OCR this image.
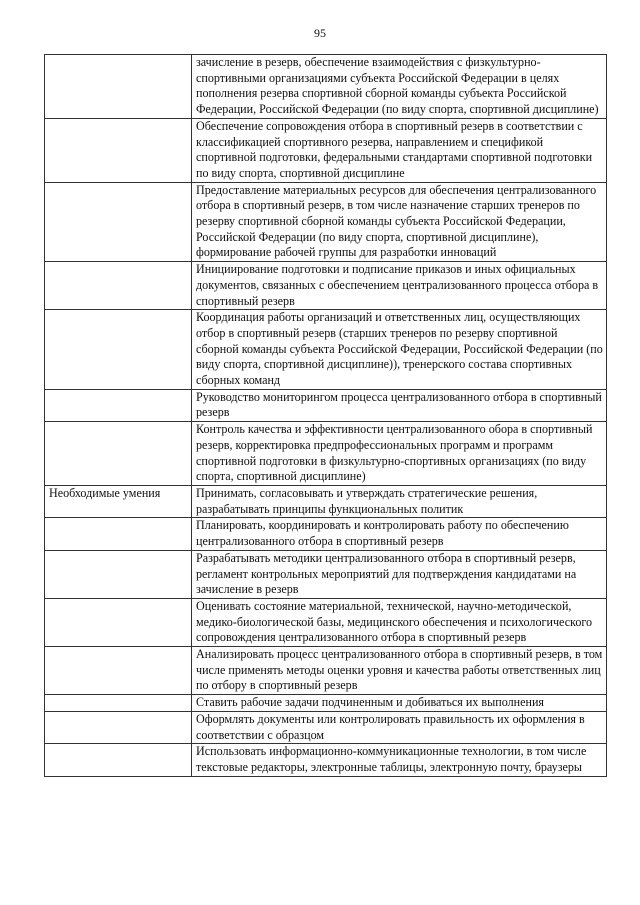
95
	зачисление в резерв, обеспечение взаимодействия с физкультурно-спортивными организациями субъекта Российской Федерации в целях пополнения резерва спортивной сборной команды субъекта Российской Федерации, Российской Федерации (по виду спорта, спортивной дисциплине)
	Обеспечение сопровождения отбора в спортивный резерв в соответствии с классификацией спортивного резерва, направлением и спецификой спортивной подготовки, федеральными стандартами спортивной подготовки по виду спорта, спортивной дисциплине
	Предоставление материальных ресурсов для обеспечения централизованного отбора в спортивный резерв, в том числе назначение старших тренеров по резерву спортивной сборной команды субъекта Российской Федерации, Российской Федерации (по виду спорта, спортивной дисциплине), формирование рабочей группы для разработки инноваций
	Инициирование подготовки и подписание приказов и иных официальных документов, связанных с обеспечением централизованного процесса отбора в спортивный резерв
	Координация работы организаций и ответственных лиц, осуществляющих отбор в спортивный резерв (старших тренеров по резерву спортивной сборной команды субъекта Российской Федерации, Российской Федерации (по виду спорта, спортивной дисциплине)), тренерского состава спортивных сборных команд
	Руководство мониторингом процесса централизованного отбора в спортивный резерв
	Контроль качества и эффективности централизованного обора в спортивный резерв, корректировка предпрофессиональных программ и программ спортивной подготовки в физкультурно-спортивных организациях (по виду спорта, спортивной дисциплине)
Необходимые умения	Принимать, согласовывать и утверждать стратегические решения, разрабатывать принципы функциональных политик
	Планировать, координировать и контролировать работу по обеспечению централизованного отбора в спортивный резерв
	Разрабатывать методики централизованного отбора в спортивный резерв, регламент контрольных мероприятий для подтверждения кандидатами на зачисление в резерв
	Оценивать состояние материальной, технической, научно-методической, медико-биологической базы, медицинского обеспечения и психологического сопровождения централизованного отбора в спортивный резерв
	Анализировать процесс централизованного отбора в спортивный резерв, в том числе применять методы оценки уровня и качества работы ответственных лиц по отбору в спортивный резерв
	Ставить рабочие задачи подчиненным и добиваться их выполнения
	Оформлять документы или контролировать правильность их оформления в соответствии с образцом
	Использовать информационно-коммуникационные технологии, в том числе текстовые редакторы, электронные таблицы, электронную почту, браузеры
